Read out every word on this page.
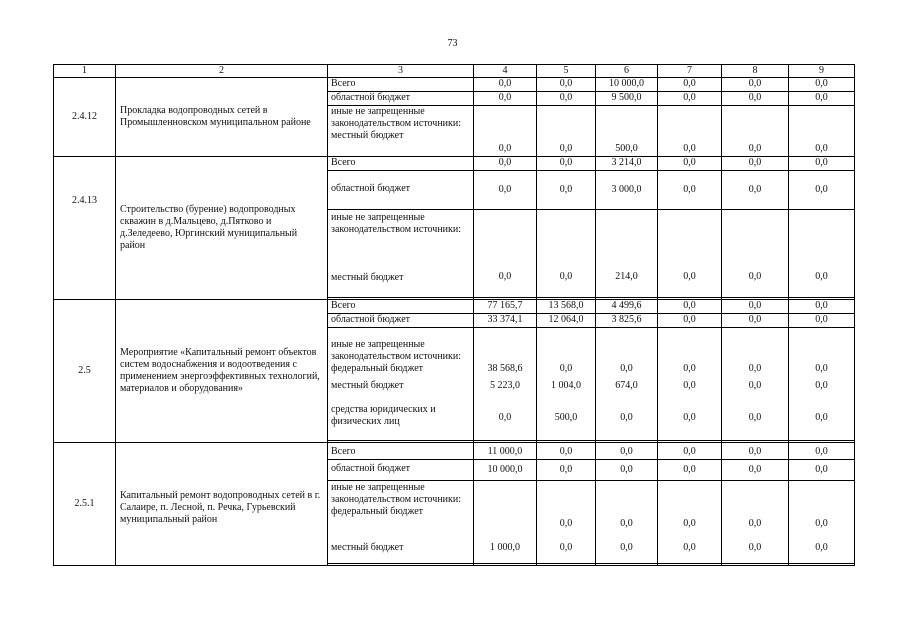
73
1	2	3	4	5	6	7	8	9
2.4.12	Прокладка водопроводных сетей в Промышленновском муниципальном районе	Всего	0,0	0,0	10 000,0	0,0	0,0	0,0
		областной бюджет	0,0	0,0	9 500,0	0,0	0,0	0,0

		иные не запрещенные законодательством источники:
местный бюджет	0,0	0,0	500,0	0,0	0,0	0,0

2.4.13	Строительство (бурение) водопроводных скважин в д.Мальцево, д.Пятково и д.Зеледеево, Юргинский муниципальный район	Всего	0,0	0,0	3 214,0	0,0	0,0	0,0
		областной бюджет	0,0	0,0	3 000,0	0,0	0,0	0,0

		иные не запрещенные законодательством источники:
местный бюджет	0,0	0,0	214,0	0,0	0,0	0,0

2.5	Мероприятие «Капитальный ремонт объектов систем водоснабжения и водоотведения с применением энергоэффективных технологий, материалов и оборудования»	Всего	77 165,7	13 568,0	4 499,6	0,0	0,0	0,0
		областной бюджет	33 374,1	12 064,0	3 825,6	0,0	0,0	0,0

		иные не запрещенные законодательством источники:
федеральный бюджет	38 568,6	0,0	0,0	0,0	0,0	0,0
		местный бюджет	5 223,0	1 004,0	674,0	0,0	0,0	0,0
		средства юридических и физических лиц	0,0	500,0	0,0	0,0	0,0	0,0

2.5.1	Капитальный ремонт водопроводных сетей в г. Салаире, п. Лесной, п. Речка, Гурьевский муниципальный район	Всего	11 000,0	0,0	0,0	0,0	0,0	0,0
		областной бюджет	10 000,0	0,0	0,0	0,0	0,0	0,0

		иные не запрещенные законодательством источники:
федеральный бюджет		0,0	0,0	0,0	0,0	0,0
		местный бюджет	1 000,0	0,0	0,0	0,0	0,0	0,0
